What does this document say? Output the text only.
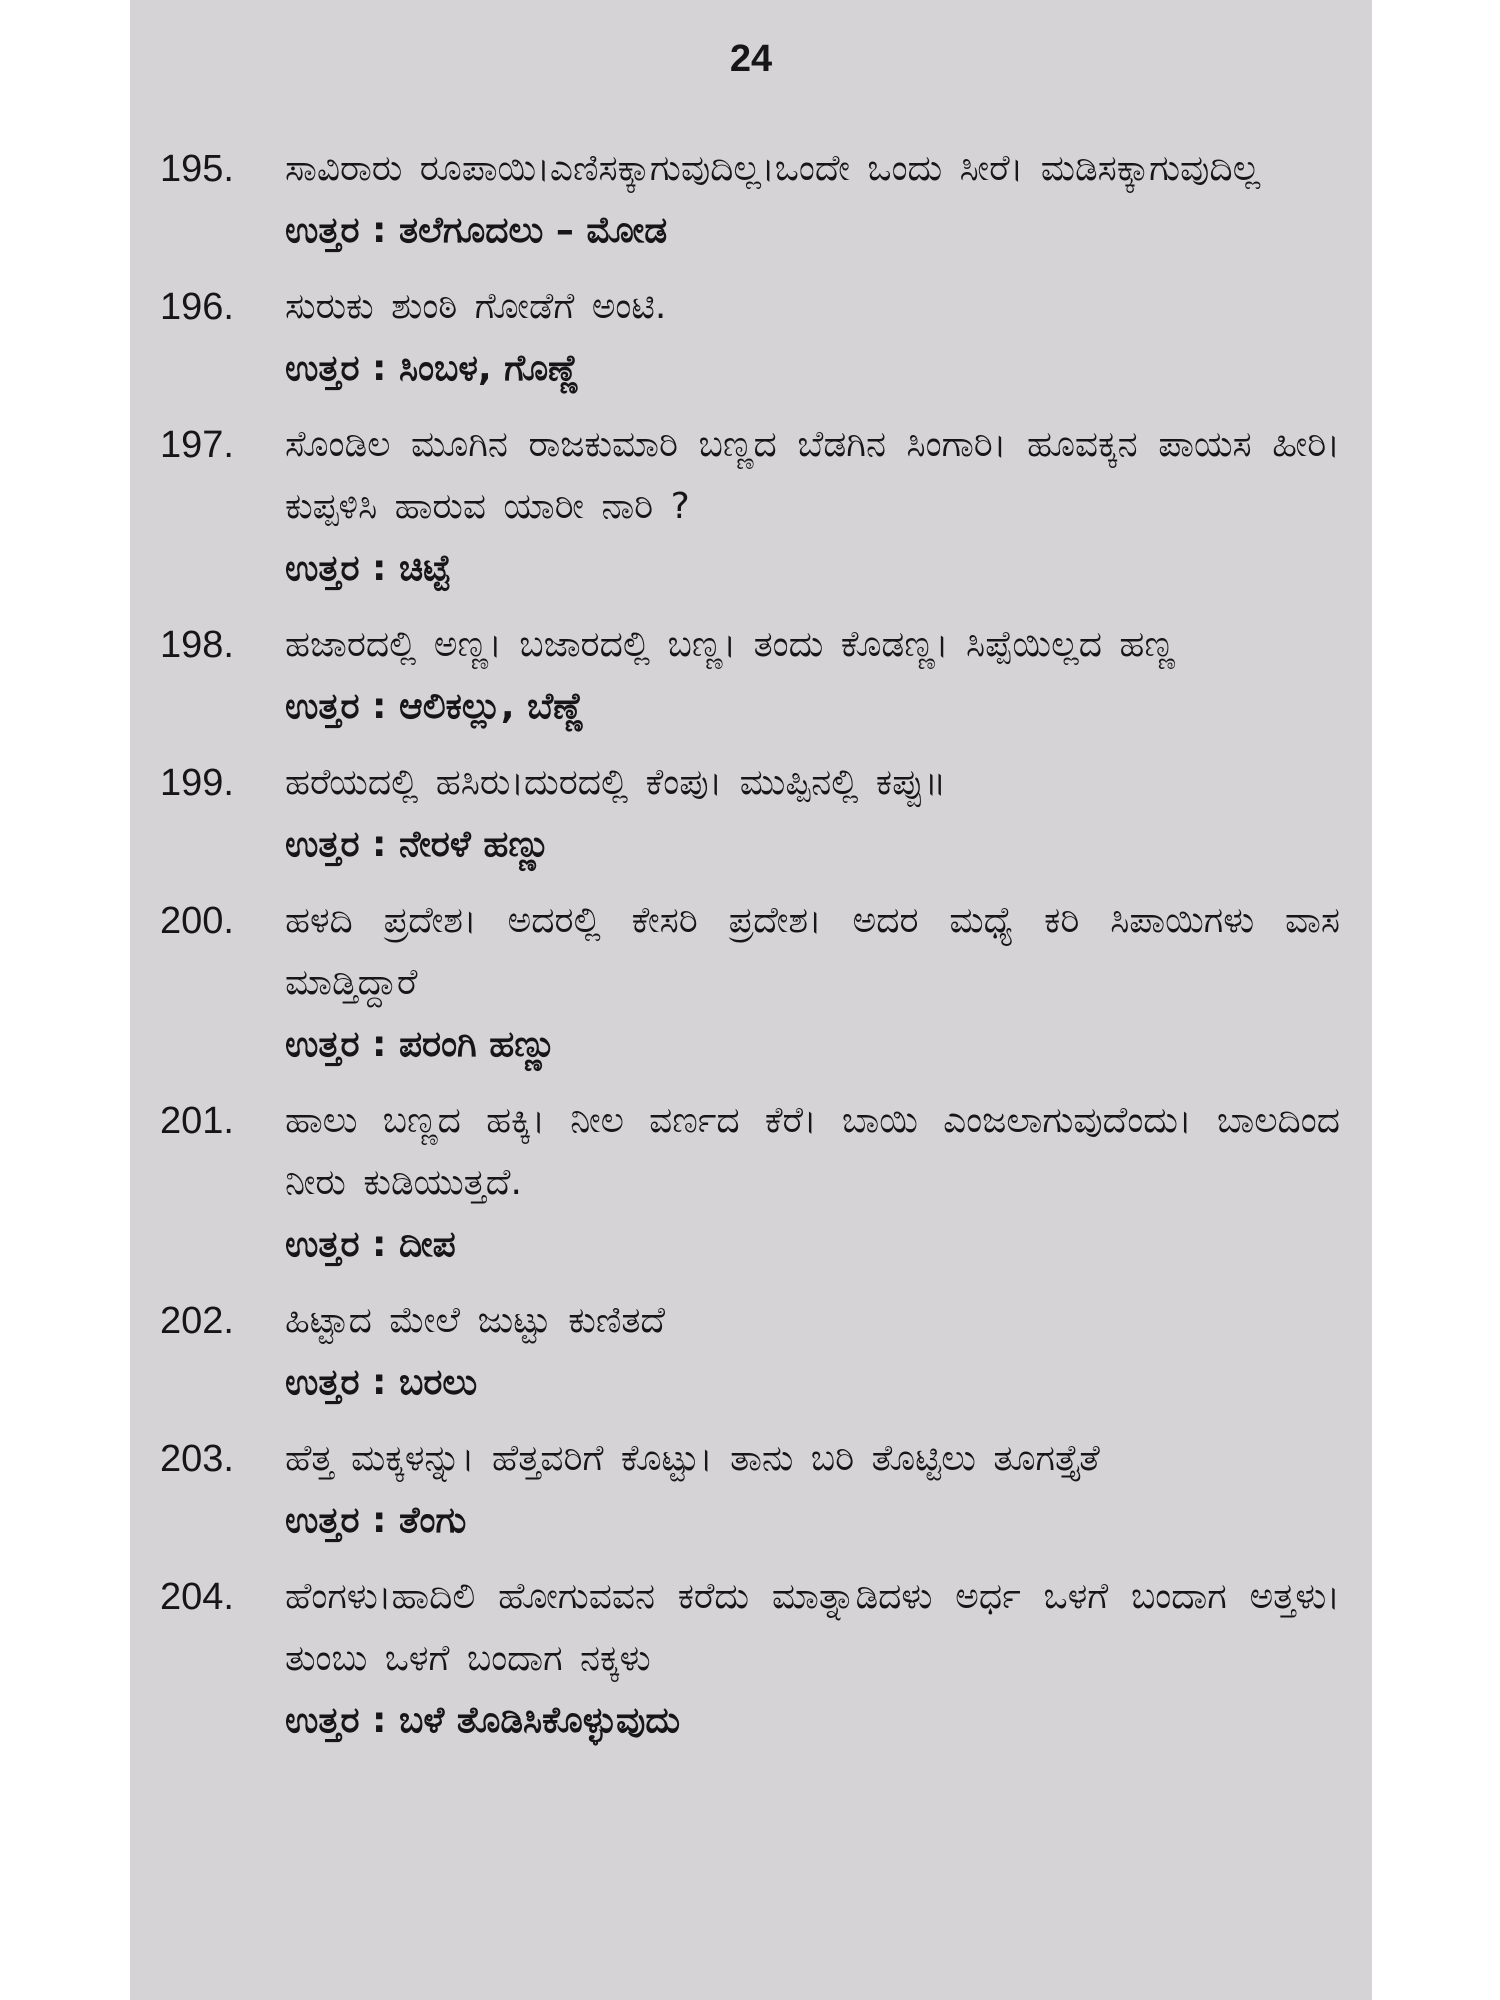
24
195. ಸಾವಿರಾರು ರೂಪಾಯಿ।ಎಣಿಸಕ್ಕಾಗುವುದಿಲ್ಲ।ಒಂದೇ ಒಂದು ಸೀರೆ। ಮಡಿಸಕ್ಕಾಗುವುದಿಲ್ಲ
ಉತ್ತರ : ತಲೆಗೂದಲು – ಮೋಡ
196. ಸುರುಕು ಶುಂಠಿ ಗೋಡೆಗೆ ಅಂಟಿ.
ಉತ್ತರ : ಸಿಂಬಳ, ಗೊಣ್ಣೆ
197. ಸೊಂಡಿಲ ಮೂಗಿನ ರಾಜಕುಮಾರಿ ಬಣ್ಣದ ಬೆಡಗಿನ ಸಿಂಗಾರಿ। ಹೂವಕ್ಕನ ಪಾಯಸ ಹೀರಿ।ಕುಪ್ಪಳಿಸಿ ಹಾರುವ ಯಾರೀ ನಾರಿ ?
ಉತ್ತರ : ಚಿಟ್ಟೆ
198. ಹಜಾರದಲ್ಲಿ ಅಣ್ಣ। ಬಜಾರದಲ್ಲಿ ಬಣ್ಣ। ತಂದು ಕೊಡಣ್ಣ। ಸಿಪ್ಪೆಯಿಲ್ಲದ ಹಣ್ಣ
ಉತ್ತರ : ಆಲಿಕಲ್ಲು, ಬೆಣ್ಣೆ
199. ಹರೆಯದಲ್ಲಿ ಹಸಿರು।ದುರದಲ್ಲಿ ಕೆಂಪು। ಮುಪ್ಪಿನಲ್ಲಿ ಕಪ್ಪು॥
ಉತ್ತರ : ನೇರಳೆ ಹಣ್ಣು
200. ಹಳದಿ ಪ್ರದೇಶ। ಅದರಲ್ಲಿ ಕೇಸರಿ ಪ್ರದೇಶ। ಅದರ ಮಧ್ಯೆ ಕರಿ ಸಿಪಾಯಿಗಳು ವಾಸ ಮಾಡ್ತಿದ್ದಾರೆ
ಉತ್ತರ : ಪರಂಗಿ ಹಣ್ಣು
201. ಹಾಲು ಬಣ್ಣದ ಹಕ್ಕಿ। ನೀಲ ವರ್ಣದ ಕೆರೆ। ಬಾಯಿ ಎಂಜಲಾಗುವುದೆಂದು। ಬಾಲದಿಂದ ನೀರು ಕುಡಿಯುತ್ತದೆ.
ಉತ್ತರ : ದೀಪ
202. ಹಿಟ್ಟಾದ ಮೇಲೆ ಜುಟ್ಟು ಕುಣಿತದೆ
ಉತ್ತರ : ಬರಲು
203. ಹೆತ್ತ ಮಕ್ಕಳನ್ನು। ಹೆತ್ತವರಿಗೆ ಕೊಟ್ಟು। ತಾನು ಬರಿ ತೊಟ್ಟಿಲು ತೂಗತ್ತೈತೆ
ಉತ್ತರ : ತೆಂಗು
204. ಹೆಂಗಳು।ಹಾದಿಲಿ ಹೋಗುವವನ ಕರೆದು ಮಾತ್ನಾಡಿದಳು ಅರ್ಧ ಒಳಗೆ ಬಂದಾಗ ಅತ್ತಳು। ತುಂಬು ಒಳಗೆ ಬಂದಾಗ ನಕ್ಕಳು
ಉತ್ತರ : ಬಳೆ ತೊಡಿಸಿಕೊಳ್ಳುವುದು
